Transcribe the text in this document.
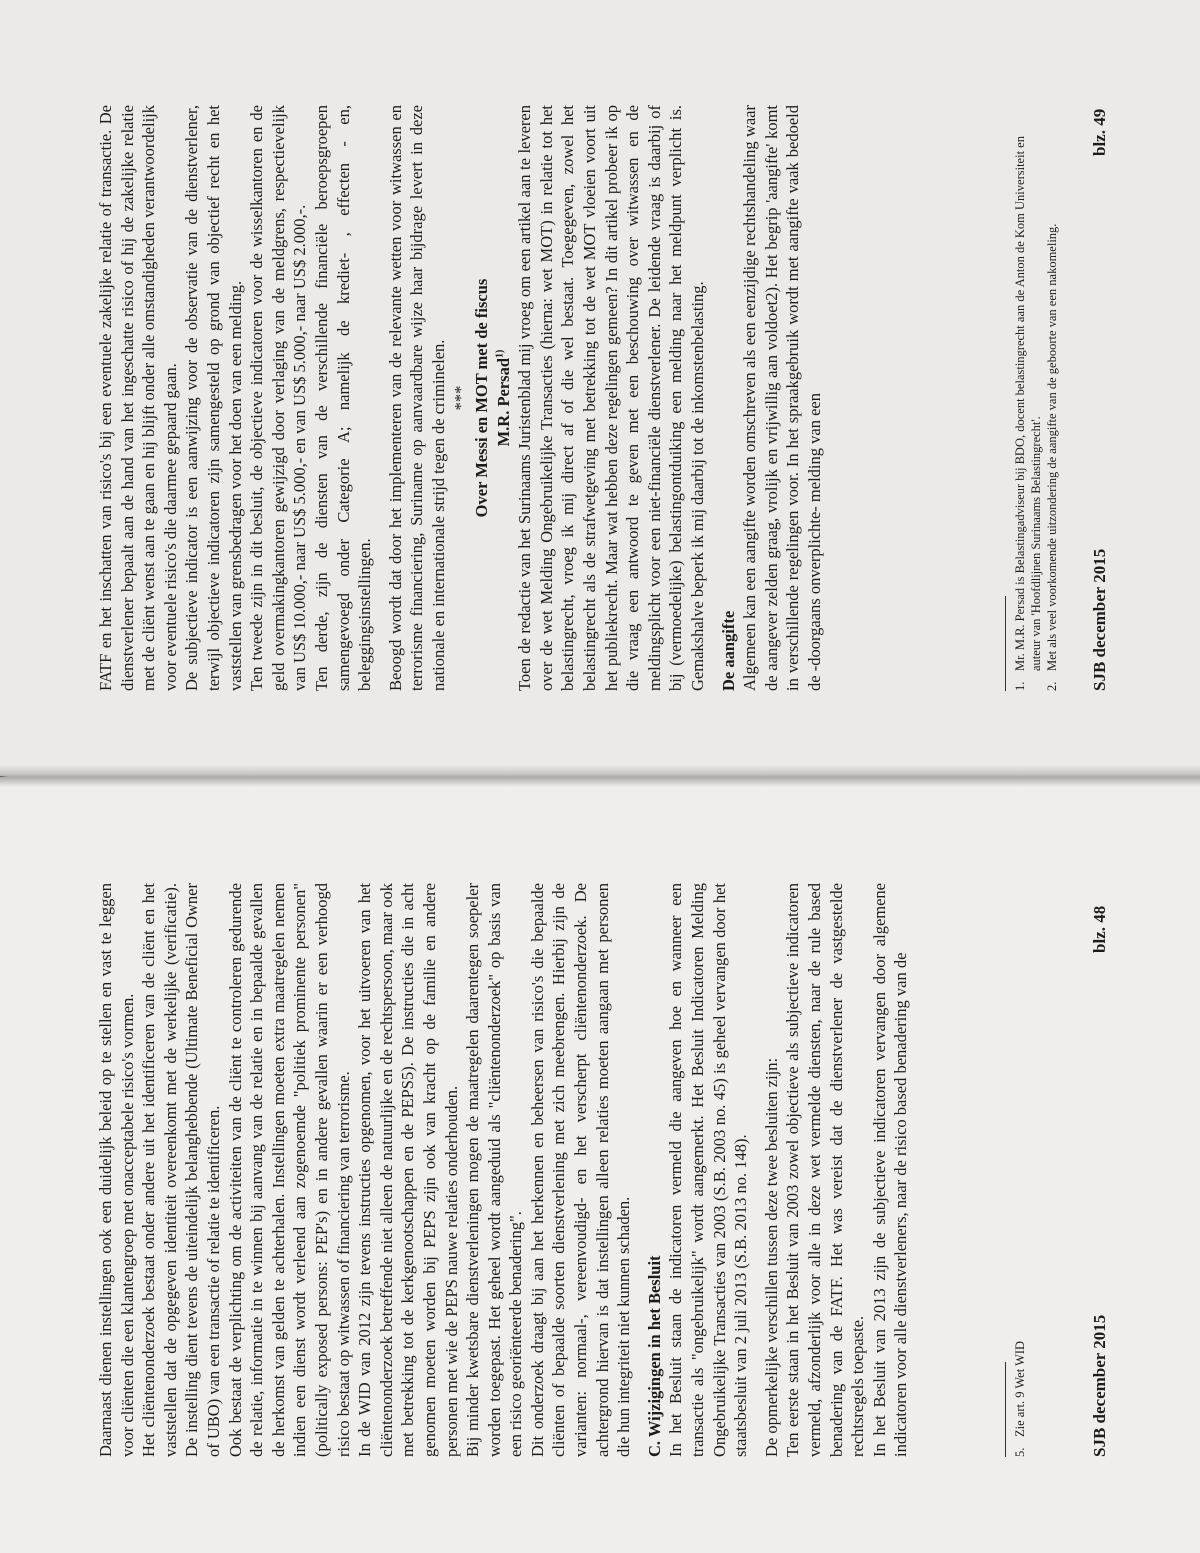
Daarnaast dienen instellingen ook een duidelijk beleid op te stellen en vast te leggen voor cliënten die een klantengroep met onacceptabele risico's vormen. Het cliëntenonderzoek bestaat onder andere uit het identificeren van de cliënt en het vaststellen dat de opgegeven identiteit overeenkomt met de werkelijke (verificatie). De instelling dient tevens de uiteindelijk belanghebbende (Ultimate Beneficial Owner of UBO) van een transactie of relatie te identificeren. Ook bestaat de verplichting om de activiteiten van de cliënt te controleren gedurende de relatie, informatie in te winnen bij aanvang van de relatie en in bepaalde gevallen de herkomst van gelden te achterhalen. Instellingen moeten extra maatregelen nemen indien een dienst wordt verleend aan zogenoemde "politiek prominente personen" (politically exposed persons: PEP's) en in andere gevallen waarin er een verhoogd risico bestaat op witwassen of financiering van terrorisme. In de WID van 2012 zijn tevens instructies opgenomen, voor het uitvoeren van het cliëntenonderzoek betreffende niet alleen de natuurlijke en de rechtspersoon, maar ook met betrekking tot de kerkgenootschappen en de PEPS5). De instructies die in acht genomen moeten worden bij PEPS zijn ook van kracht op de familie en andere personen met wie de PEPS nauwe relaties onderhouden. Bij minder kwetsbare dienstverleningen mogen de maatregelen daarentegen soepeler worden toegepast. Het geheel wordt aangeduid als "cliëntenonderzoek" op basis van een risico georiënteerde benadering". Dit onderzoek draagt bij aan het herkennen en beheersen van risico's die bepaalde cliënten of bepaalde soorten dienstverlening met zich meebrengen. Hierbij zijn de varianten: normaal-, vereenvoudigd- en het verscherpt cliëntenonderzoek. De achtergrond hiervan is dat instellingen alleen relaties moeten aangaan met personen die hun integriteit niet kunnen schaden. C. Wijzigingen in het Besluit In het Besluit staan de indicatoren vermeld die aangeven hoe en wanneer een transactie als "ongebruikelijk" wordt aangemerkt. Het Besluit Indicatoren Melding Ongebruikelijke Transacties van 2003 (S.B. 2003 no. 45) is geheel vervangen door het staatsbesluit van 2 juli 2013 (S.B. 2013 no. 148). De opmerkelijke verschillen tussen deze twee besluiten zijn: Ten eerste staan in het Besluit van 2003 zowel objectieve als subjectieve indicatoren vermeld, afzonderlijk voor alle in deze wet vermelde diensten, naar de rule based benadering van de FATF. Het was vereist dat de dienstverlener de vastgestelde rechtsregels toepaste. In het Besluit van 2013 zijn de subjectieve indicatoren vervangen door algemene indicatoren voor alle dienstverleners, naar de risico based benadering van de	5.
Zie art. 9 Wet WID	SJB december 2015
blz. 48

FATF en het inschatten van risico's bij een eventuele zakelijke relatie of transactie. De dienstverlener bepaalt aan de hand van het ingeschatte risico of hij de zakelijke relatie met de cliënt wenst aan te gaan en hij blijft onder alle omstandigheden verantwoordelijk voor eventuele risico's die daarmee gepaard gaan. De subjectieve indicator is een aanwijzing voor de observatie van de dienstverlener, terwijl objectieve indicatoren zijn samengesteld op grond van objectief recht en het vaststellen van grensbedragen voor het doen van een melding. Ten tweede zijn in dit besluit, de objectieve indicatoren voor de wisselkantoren en de geld overmakingkantoren gewijzigd door verlaging van de meldgrens, respectievelijk van US$ 10.000,- naar US$ 5.000,- en van US$ 5.000,- naar US$ 2.000,-. Ten derde, zijn de diensten van de verschillende financiële beroepsgroepen samengevoegd onder Categorie A; namelijk de krediet- , effecten - en, beleggingsinstellingen. Beoogd wordt dat door het implementeren van de relevante wetten voor witwassen en terrorisme financiering, Suriname op aanvaardbare wijze haar bijdrage levert in deze nationale en internationale strijd tegen de criminelen. *** Over Messi en MOT met de fiscus M.R. Persad$^{1)}$ Toen de redactie van het Surinaams Juristenblad mij vroeg om een artikel aan te leveren over de wet Melding Ongebruikelijke Transacties (hierna: wet MOT) in relatie tot het belastingrecht, vroeg ik mij direct af of die wel bestaat. Toegegeven, zowel het belastingrecht als de strafwetgeving met betrekking tot de wet MOT vloeien voort uit het publiekrecht. Maar wat hebben deze regelingen gemeen? In dit artikel probeer ik op die vraag een antwoord te geven met een beschouwing over witwassen en de meldingsplicht voor een niet-financiële dienstverlener. De leidende vraag is daarbij of bij (vermoedelijke) belastingontduiking een melding naar het meldpunt verplicht is. Gemakshalve beperk ik mij daarbij tot de inkomstenbelasting. De aangifte Algemeen kan een aangifte worden omschreven als een eenzijdige rechtshandeling waar de aangever zelden graag, vrolijk en vrijwillig aan voldoet2). Het begrip 'aangifte' komt in verschillende regelingen voor. In het spraakgebruik wordt met aangifte vaak bedoeld de -doorgaans onverplichte- melding van een	1.
Mr. M.R. Persad is Belastingadviseur bij BDO, docent belastingrecht aan de Anton de Kom Universiteit en auteur van 'Hoofdlijnen Surinaams Belastingrecht'.
2.
Met als veel voorkomende uitzondering de aangifte van de geboorte van een nakomeling. SJB december 2015
blz. 49
